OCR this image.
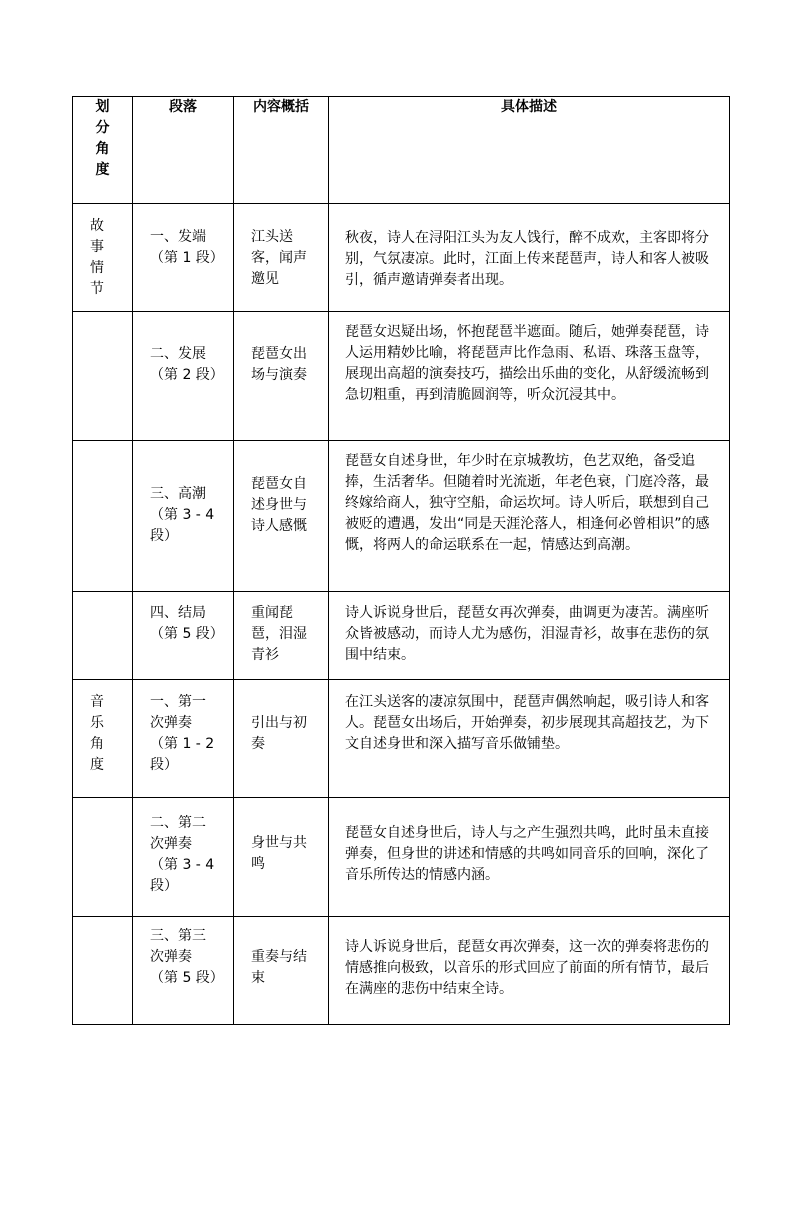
划分角度	段落	内容概括	具体描述

故事情节	一、发端（第 1 段）	江头送客，闻声邀见	秋夜，诗人在浔阳江头为友人饯行，醉不成欢，主客即将分别，气氛凄凉。此时，江面上传来琵琶声，诗人和客人被吸引，循声邀请弹奏者出现。

	二、发展（第 2 段）	琵琶女出场与演奏	琵琶女迟疑出场，怀抱琵琶半遮面。随后，她弹奏琵琶，诗人运用精妙比喻，将琵琶声比作急雨、私语、珠落玉盘等，展现出高超的演奏技巧，描绘出乐曲的变化，从舒缓流畅到急切粗重，再到清脆圆润等，听众沉浸其中。

	三、高潮（第 3 - 4 段）	琵琶女自述身世与诗人感慨	琵琶女自述身世，年少时在京城教坊，色艺双绝，备受追捧，生活奢华。但随着时光流逝，年老色衰，门庭冷落，最终嫁给商人，独守空船，命运坎坷。诗人听后，联想到自己被贬的遭遇，发出“同是天涯沦落人，相逢何必曾相识”的感慨，将两人的命运联系在一起，情感达到高潮。

	四、结局（第 5 段）	重闻琵琶，泪湿青衫	诗人诉说身世后，琵琶女再次弹奏，曲调更为凄苦。满座听众皆被感动，而诗人尤为感伤，泪湿青衫，故事在悲伤的氛围中结束。

音乐角度	一、第一次弹奏（第 1 - 2 段）	引出与初奏	在江头送客的凄凉氛围中，琵琶声偶然响起，吸引诗人和客人。琵琶女出场后，开始弹奏，初步展现其高超技艺，为下文自述身世和深入描写音乐做铺垫。

	二、第二次弹奏（第 3 - 4 段）	身世与共鸣	琵琶女自述身世后，诗人与之产生强烈共鸣，此时虽未直接弹奏，但身世的讲述和情感的共鸣如同音乐的回响，深化了音乐所传达的情感内涵。

	三、第三次弹奏（第 5 段）	重奏与结束	诗人诉说身世后，琵琶女再次弹奏，这一次的弹奏将悲伤的情感推向极致，以音乐的形式回应了前面的所有情节，最后在满座的悲伤中结束全诗。
